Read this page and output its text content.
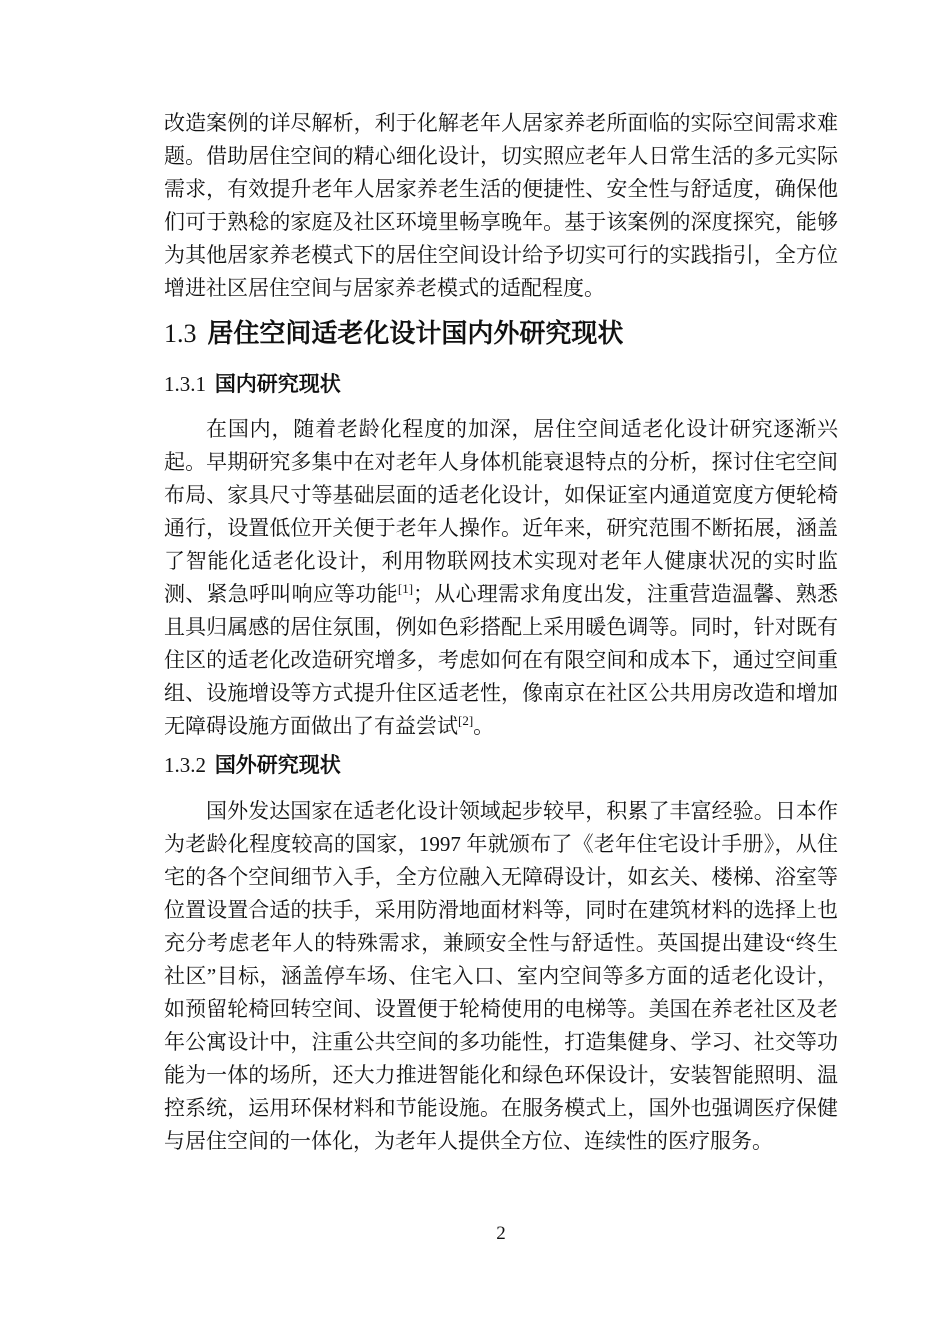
改造案例的详尽解析，利于化解老年人居家养老所面临的实际空间需求难题。借助居住空间的精心细化设计，切实照应老年人日常生活的多元实际需求，有效提升老年人居家养老生活的便捷性、安全性与舒适度，确保他们可于熟稔的家庭及社区环境里畅享晚年。基于该案例的深度探究，能够为其他居家养老模式下的居住空间设计给予切实可行的实践指引，全方位增进社区居住空间与居家养老模式的适配程度。

1.3 居住空间适老化设计国内外研究现状
1.3.1 国内研究现状

在国内，随着老龄化程度的加深，居住空间适老化设计研究逐渐兴起。早期研究多集中在对老年人身体机能衰退特点的分析，探讨住宅空间布局、家具尺寸等基础层面的适老化设计，如保证室内通道宽度方便轮椅通行，设置低位开关便于老年人操作。近年来，研究范围不断拓展，涵盖了智能化适老化设计，利用物联网技术实现对老年人健康状况的实时监测、紧急呼叫响应等功能[1]；从心理需求角度出发，注重营造温馨、熟悉且具归属感的居住氛围，例如色彩搭配上采用暖色调等。同时，针对既有住区的适老化改造研究增多，考虑如何在有限空间和成本下，通过空间重组、设施增设等方式提升住区适老性，像南京在社区公共用房改造和增加无障碍设施方面做出了有益尝试[2]。

1.3.2 国外研究现状

国外发达国家在适老化设计领域起步较早，积累了丰富经验。日本作为老龄化程度较高的国家，1997 年就颁布了《老年住宅设计手册》，从住宅的各个空间细节入手，全方位融入无障碍设计，如玄关、楼梯、浴室等位置设置合适的扶手，采用防滑地面材料等，同时在建筑材料的选择上也充分考虑老年人的特殊需求，兼顾安全性与舒适性。英国提出建设“终生社区”目标，涵盖停车场、住宅入口、室内空间等多方面的适老化设计，如预留轮椅回转空间、设置便于轮椅使用的电梯等。美国在养老社区及老年公寓设计中，注重公共空间的多功能性，打造集健身、学习、社交等功能为一体的场所，还大力推进智能化和绿色环保设计，安装智能照明、温控系统，运用环保材料和节能设施。在服务模式上，国外也强调医疗保健与居住空间的一体化，为老年人提供全方位、连续性的医疗服务。

2
